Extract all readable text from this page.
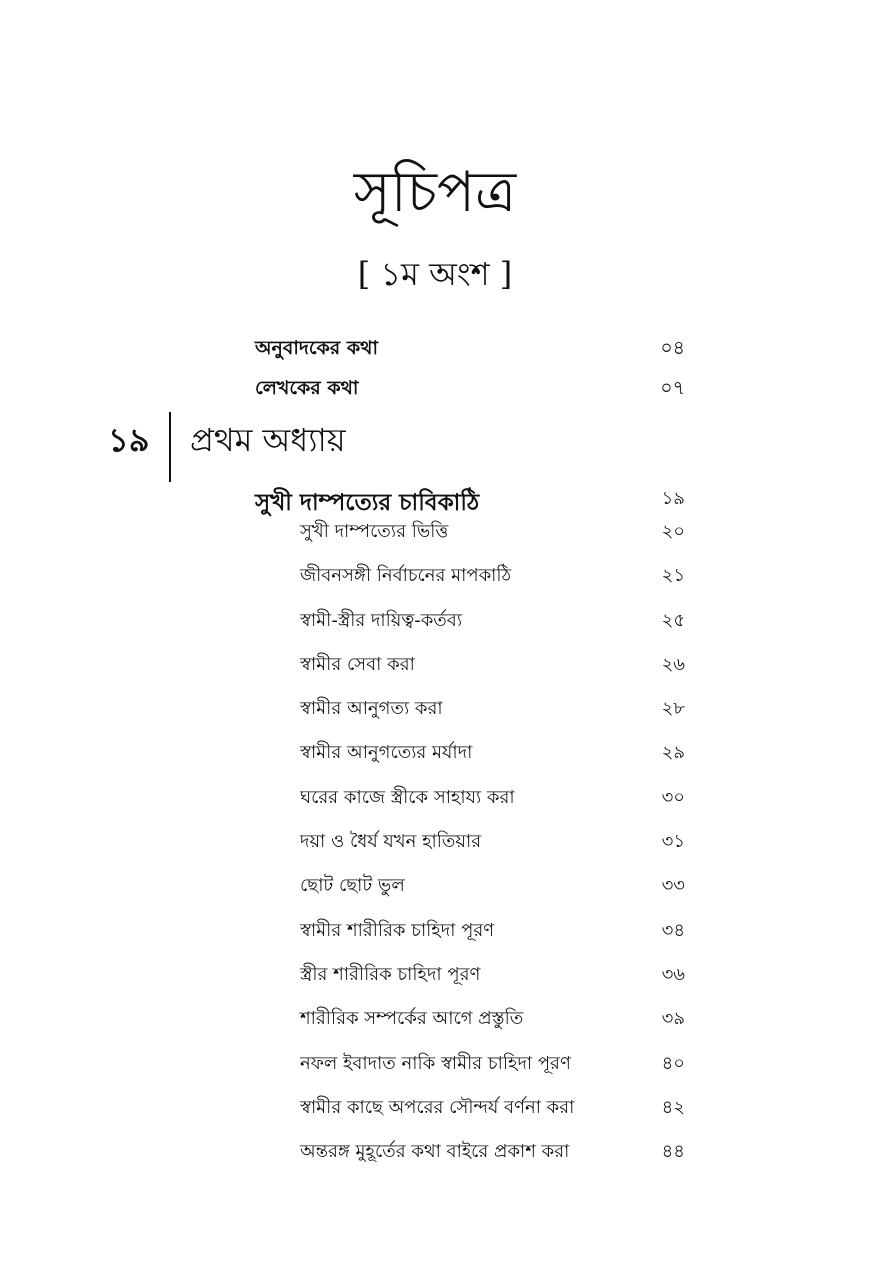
সূচিপত্র
[ ১ম অংশ ]
অনুবাদকের কথা	০৪
লেখকের কথা	০৭
১৯ প্রথম অধ্যায়
সুখী দাম্পত্যের চাবিকাঠি	১৯
সুখী দাম্পত্যের ভিত্তি	২০
জীবনসঙ্গী নির্বাচনের মাপকাঠি	২১
স্বামী-স্ত্রীর দায়িত্ব-কর্তব্য	২৫
স্বামীর সেবা করা	২৬
স্বামীর আনুগত্য করা	২৮
স্বামীর আনুগত্যের মর্যাদা	২৯
ঘরের কাজে স্ত্রীকে সাহায্য করা	৩০
দয়া ও ধৈর্য যখন হাতিয়ার	৩১
ছোট ছোট ভুল	৩৩
স্বামীর শারীরিক চাহিদা পূরণ	৩৪
স্ত্রীর শারীরিক চাহিদা পূরণ	৩৬
শারীরিক সম্পর্কের আগে প্রস্তুতি	৩৯
নফল ইবাদাত নাকি স্বামীর চাহিদা পূরণ	৪০
স্বামীর কাছে অপরের সৌন্দর্য বর্ণনা করা	৪২
অন্তরঙ্গ মুহূর্তের কথা বাইরে প্রকাশ করা	৪৪
